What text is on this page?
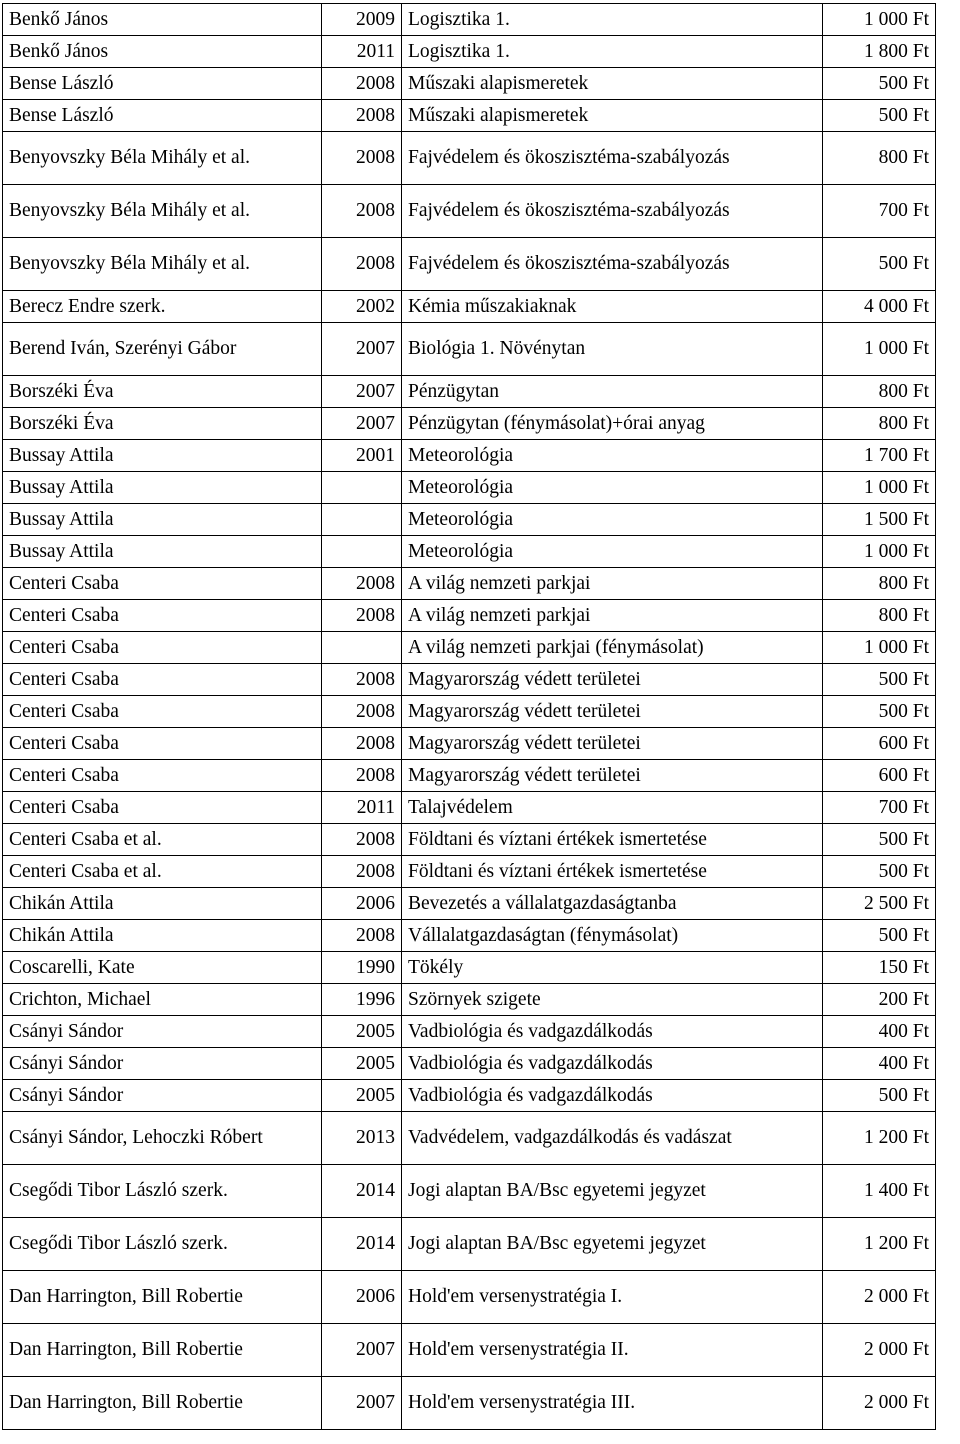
Benkő János	2009	Logisztika 1.	1 000 Ft
Benkő János	2011	Logisztika 1.	1 800 Ft
Bense László	2008	Műszaki alapismeretek	500 Ft
Bense László	2008	Műszaki alapismeretek	500 Ft
Benyovszky Béla Mihály et al.	2008	Fajvédelem és ökoszisztéma-szabályozás	800 Ft
Benyovszky Béla Mihály et al.	2008	Fajvédelem és ökoszisztéma-szabályozás	700 Ft
Benyovszky Béla Mihály et al.	2008	Fajvédelem és ökoszisztéma-szabályozás	500 Ft
Berecz Endre szerk.	2002	Kémia műszakiaknak	4 000 Ft
Berend Iván, Szerényi Gábor	2007	Biológia 1. Növénytan	1 000 Ft
Borszéki Éva	2007	Pénzügytan	800 Ft
Borszéki Éva	2007	Pénzügytan (fénymásolat)+órai anyag	800 Ft
Bussay Attila	2001	Meteorológia	1 700 Ft
Bussay Attila		Meteorológia	1 000 Ft
Bussay Attila		Meteorológia	1 500 Ft
Bussay Attila		Meteorológia	1 000 Ft
Centeri Csaba	2008	A világ nemzeti parkjai	800 Ft
Centeri Csaba	2008	A világ nemzeti parkjai	800 Ft
Centeri Csaba		A világ nemzeti parkjai (fénymásolat)	1 000 Ft
Centeri Csaba	2008	Magyarország védett területei	500 Ft
Centeri Csaba	2008	Magyarország védett területei	500 Ft
Centeri Csaba	2008	Magyarország védett területei	600 Ft
Centeri Csaba	2008	Magyarország védett területei	600 Ft
Centeri Csaba	2011	Talajvédelem	700 Ft
Centeri Csaba et al.	2008	Földtani és víztani értékek ismertetése	500 Ft
Centeri Csaba et al.	2008	Földtani és víztani értékek ismertetése	500 Ft
Chikán Attila	2006	Bevezetés a vállalatgazdaságtanba	2 500 Ft
Chikán Attila	2008	Vállalatgazdaságtan (fénymásolat)	500 Ft
Coscarelli, Kate	1990	Tökély	150 Ft
Crichton, Michael	1996	Szörnyek szigete	200 Ft
Csányi Sándor	2005	Vadbiológia és vadgazdálkodás	400 Ft
Csányi Sándor	2005	Vadbiológia és vadgazdálkodás	400 Ft
Csányi Sándor	2005	Vadbiológia és vadgazdálkodás	500 Ft
Csányi Sándor, Lehoczki Róbert	2013	Vadvédelem, vadgazdálkodás és vadászat	1 200 Ft
Csegődi Tibor László szerk.	2014	Jogi alaptan BA/Bsc egyetemi jegyzet	1 400 Ft
Csegődi Tibor László szerk.	2014	Jogi alaptan BA/Bsc egyetemi jegyzet	1 200 Ft
Dan Harrington, Bill Robertie	2006	Hold'em versenystratégia I.	2 000 Ft
Dan Harrington, Bill Robertie	2007	Hold'em versenystratégia II.	2 000 Ft
Dan Harrington, Bill Robertie	2007	Hold'em versenystratégia III.	2 000 Ft
